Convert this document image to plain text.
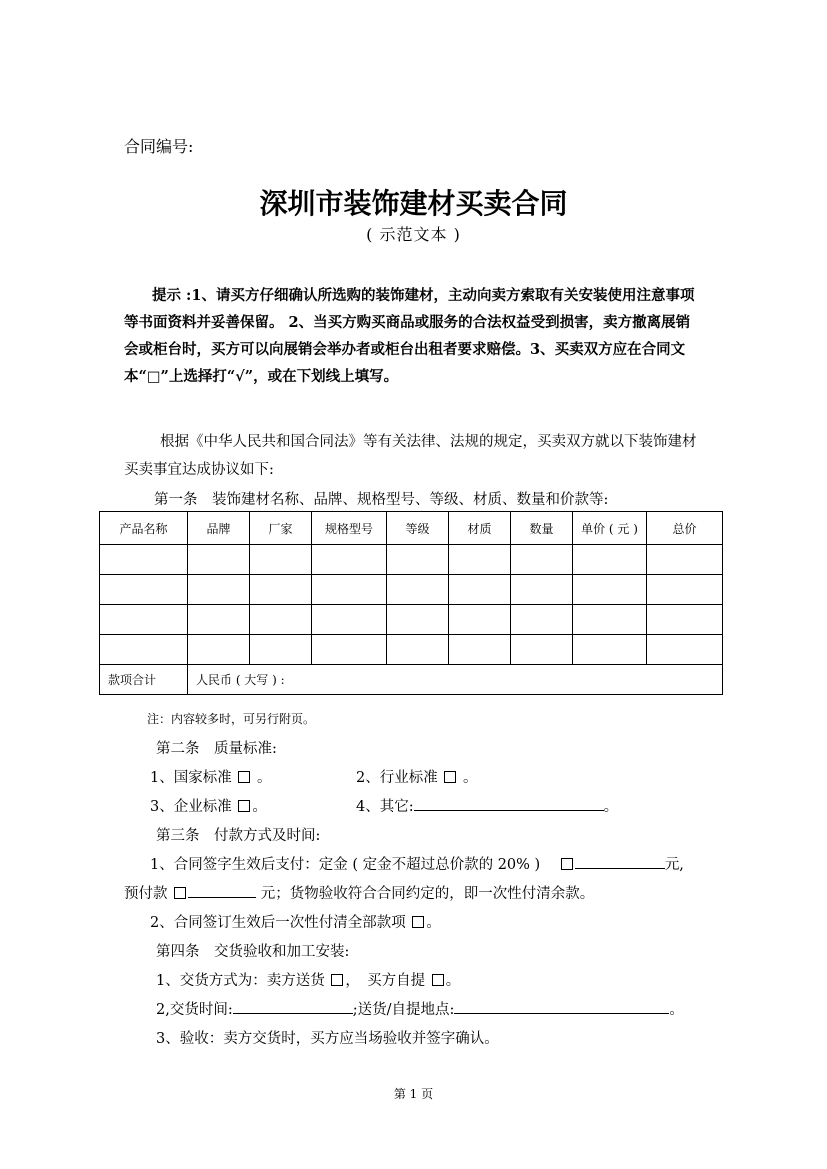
合同编号:
深圳市装饰建材买卖合同
( 示范文本 )
提示 :1、请买方仔细确认所选购的装饰建材，主动向卖方索取有关安装使用注意事项等书面资料并妥善保留。 2、当买方购买商品或服务的合法权益受到损害，卖方撤离展销会或柜台时，买方可以向展销会举办者或柜台出租者要求赔偿。3、买卖双方应在合同文本“□”上选择打“√”，或在下划线上填写。
根据《中华人民共和国合同法》等有关法律、法规的规定，买卖双方就以下装饰建材买卖事宜达成协议如下:
第一条　装饰建材名称、品牌、规格型号、等级、材质、数量和价款等:
产品名称	品牌	厂家	规格型号	等级	材质	数量	单价 ( 元 )	总价

款项合计	人民币 ( 大写 ) :							
注：内容较多时，可另行附页。
第二条　质量标准:
1、国家标准 。	2、行业标准 。
3、企业标准 。	4、其它:	。
第三条　付款方式及时间:
1、合同签字生效后支付：定金 ( 定金不超过总价款的 20% )	元,
预付款	元；货物验收符合合同约定的，即一次性付清余款。
2、合同签订生效后一次性付清全部款项 。
第四条　交货验收和加工安装:
1、交货方式为：卖方送货 ，　买方自提 。
2,交货时间:	;送货/自提地点:	。
3、验收：卖方交货时，买方应当场验收并签字确认。
第 1 页
